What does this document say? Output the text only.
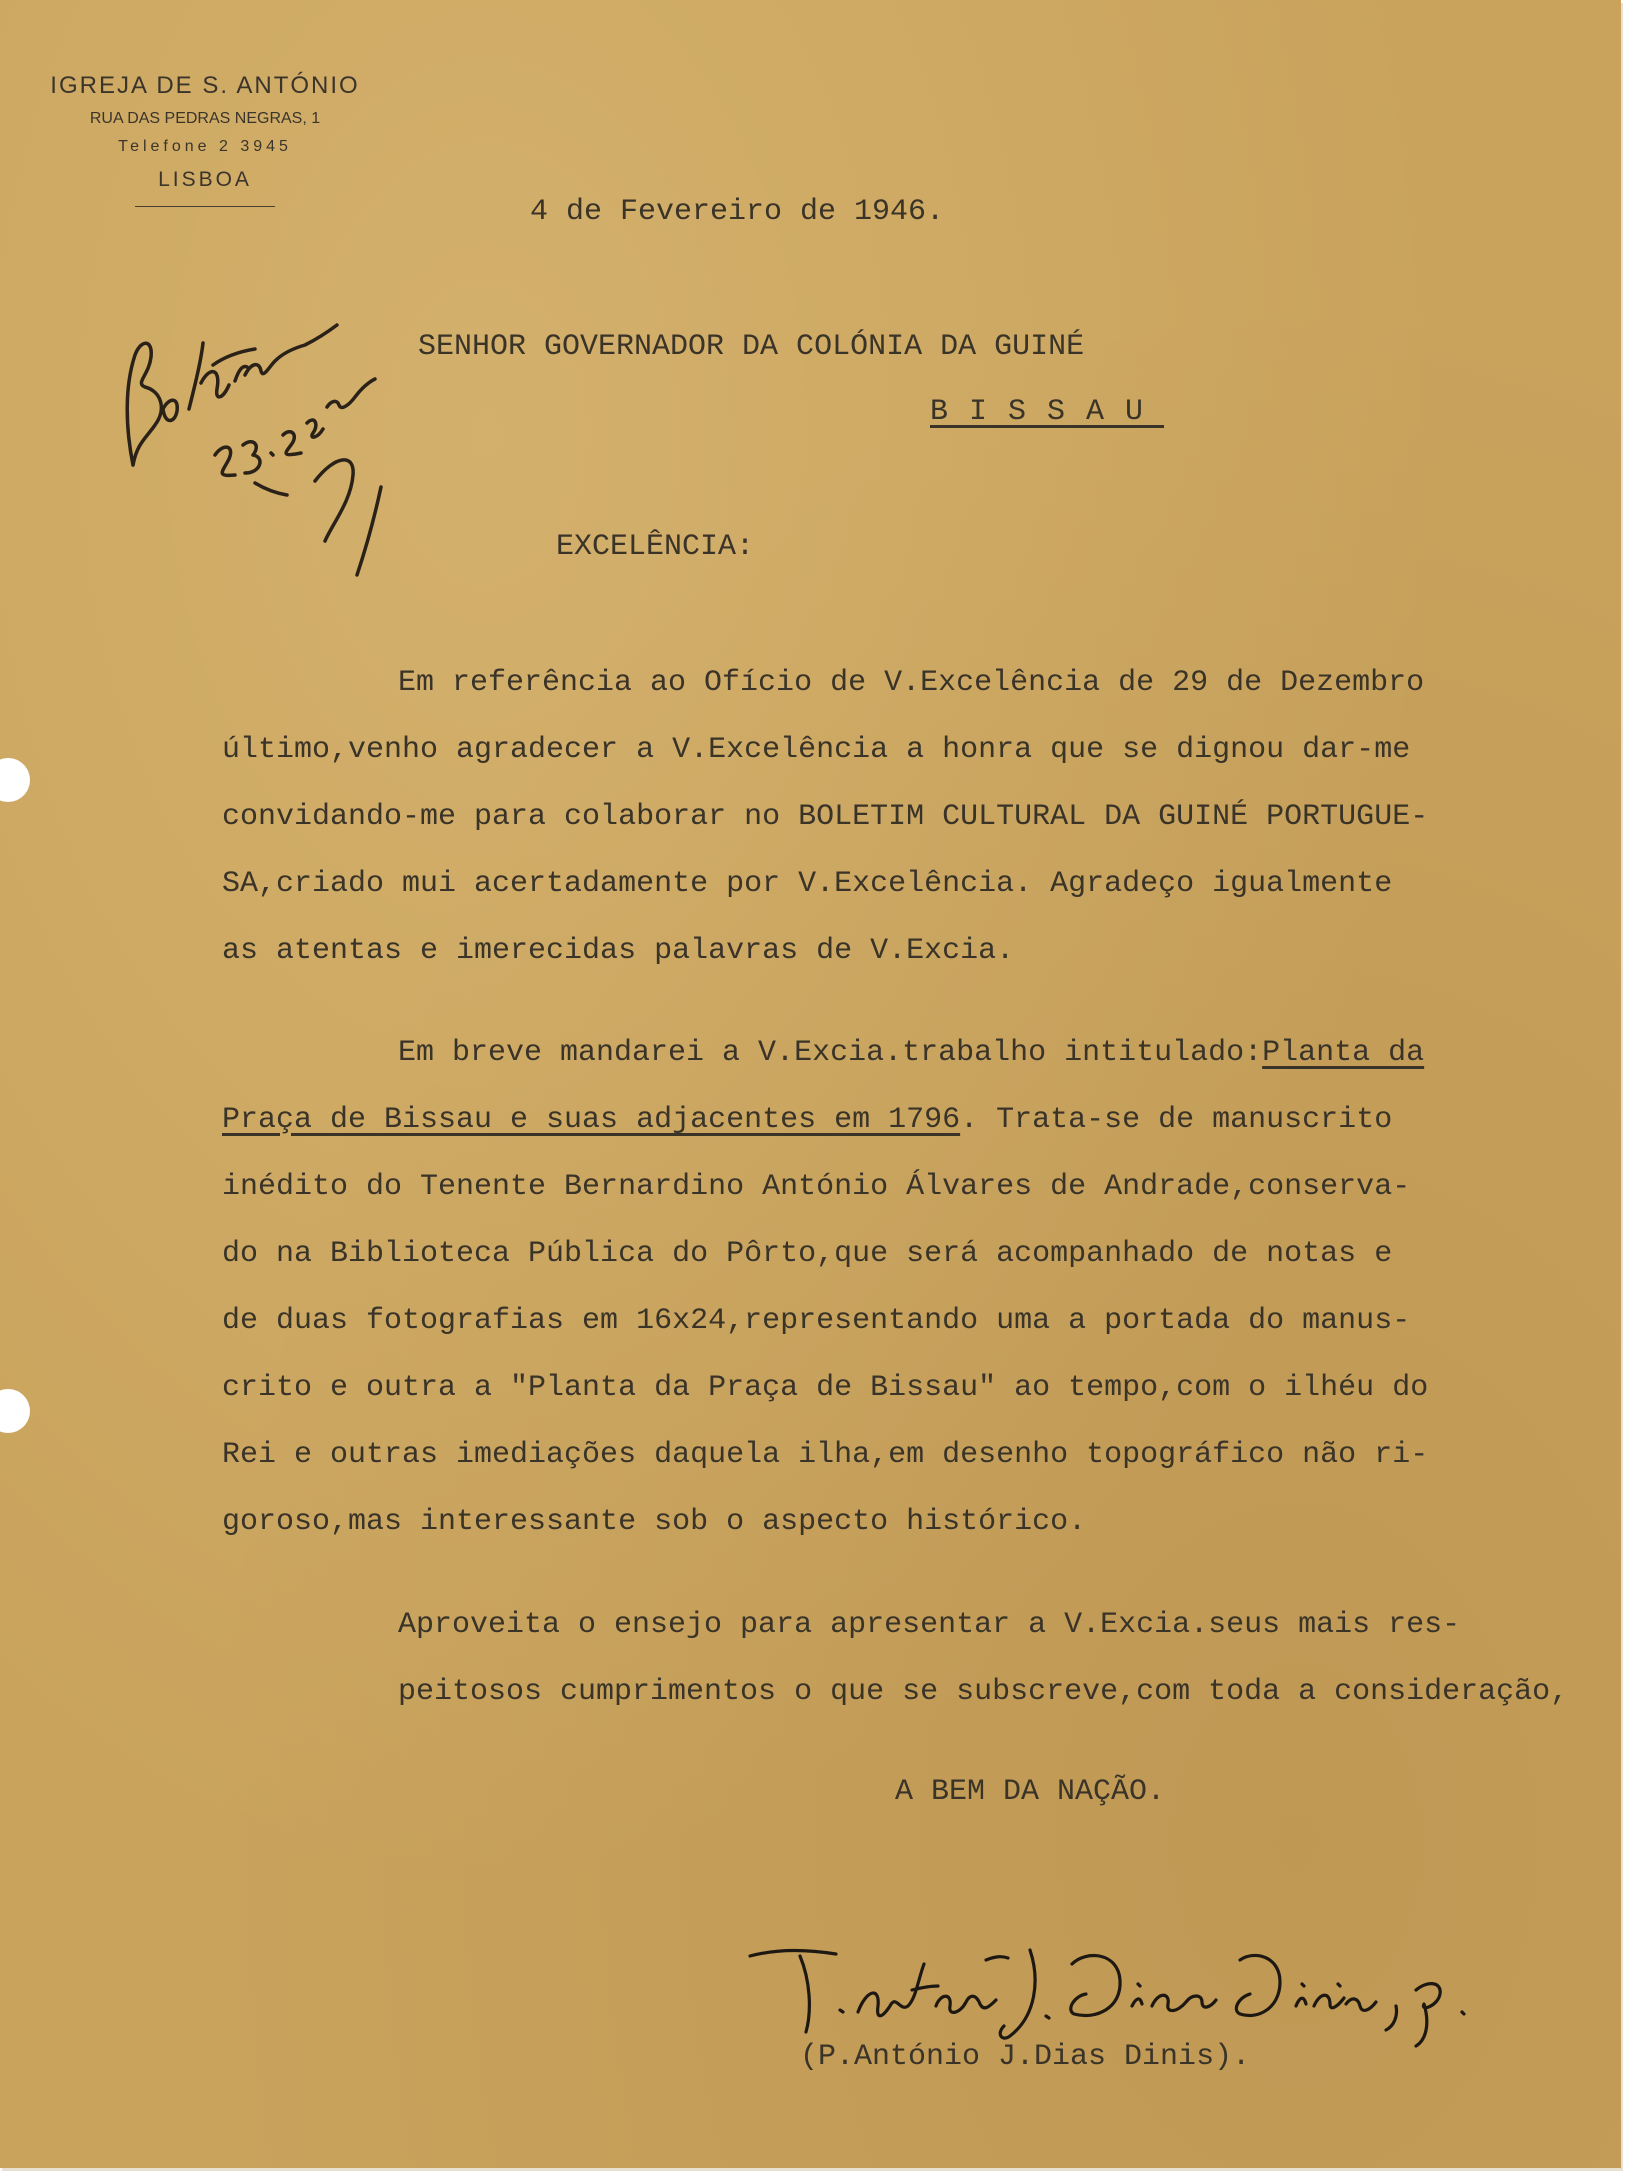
IGREJA DE S. ANTÓNIO
RUA DAS PEDRAS NEGRAS, 1
Telefone 2 3945
LISBOA
4 de Fevereiro de 1946.
SENHOR GOVERNADOR DA COLÓNIA DA GUINÉ
BISSAU
EXCELÊNCIA:
Em referência ao Ofício de V.Excelência de 29 de Dezembro
último,venho agradecer a V.Excelência a honra que se dignou dar-me
convidando-me para colaborar no BOLETIM CULTURAL DA GUINÉ PORTUGUE-
SA,criado mui acertadamente por V.Excelência. Agradeço igualmente
as atentas e imerecidas palavras de V.Excia.
Em breve mandarei a V.Excia.trabalho intitulado:Planta da
Praça de Bissau e suas adjacentes em 1796. Trata-se de manuscrito
inédito do Tenente Bernardino António Álvares de Andrade,conserva-
do na Biblioteca Pública do Pôrto,que será acompanhado de notas e
de duas fotografias em 16x24,representando uma a portada do manus-
crito e outra a "Planta da Praça de Bissau" ao tempo,com o ilhéu do
Rei e outras imediações daquela ilha,em desenho topográfico não ri-
goroso,mas interessante sob o aspecto histórico.
Aproveita o ensejo para apresentar a V.Excia.seus mais res-
peitosos cumprimentos o que se subscreve,com toda a consideração,
A BEM DA NAÇÃO.
(P.António J.Dias Dinis).
